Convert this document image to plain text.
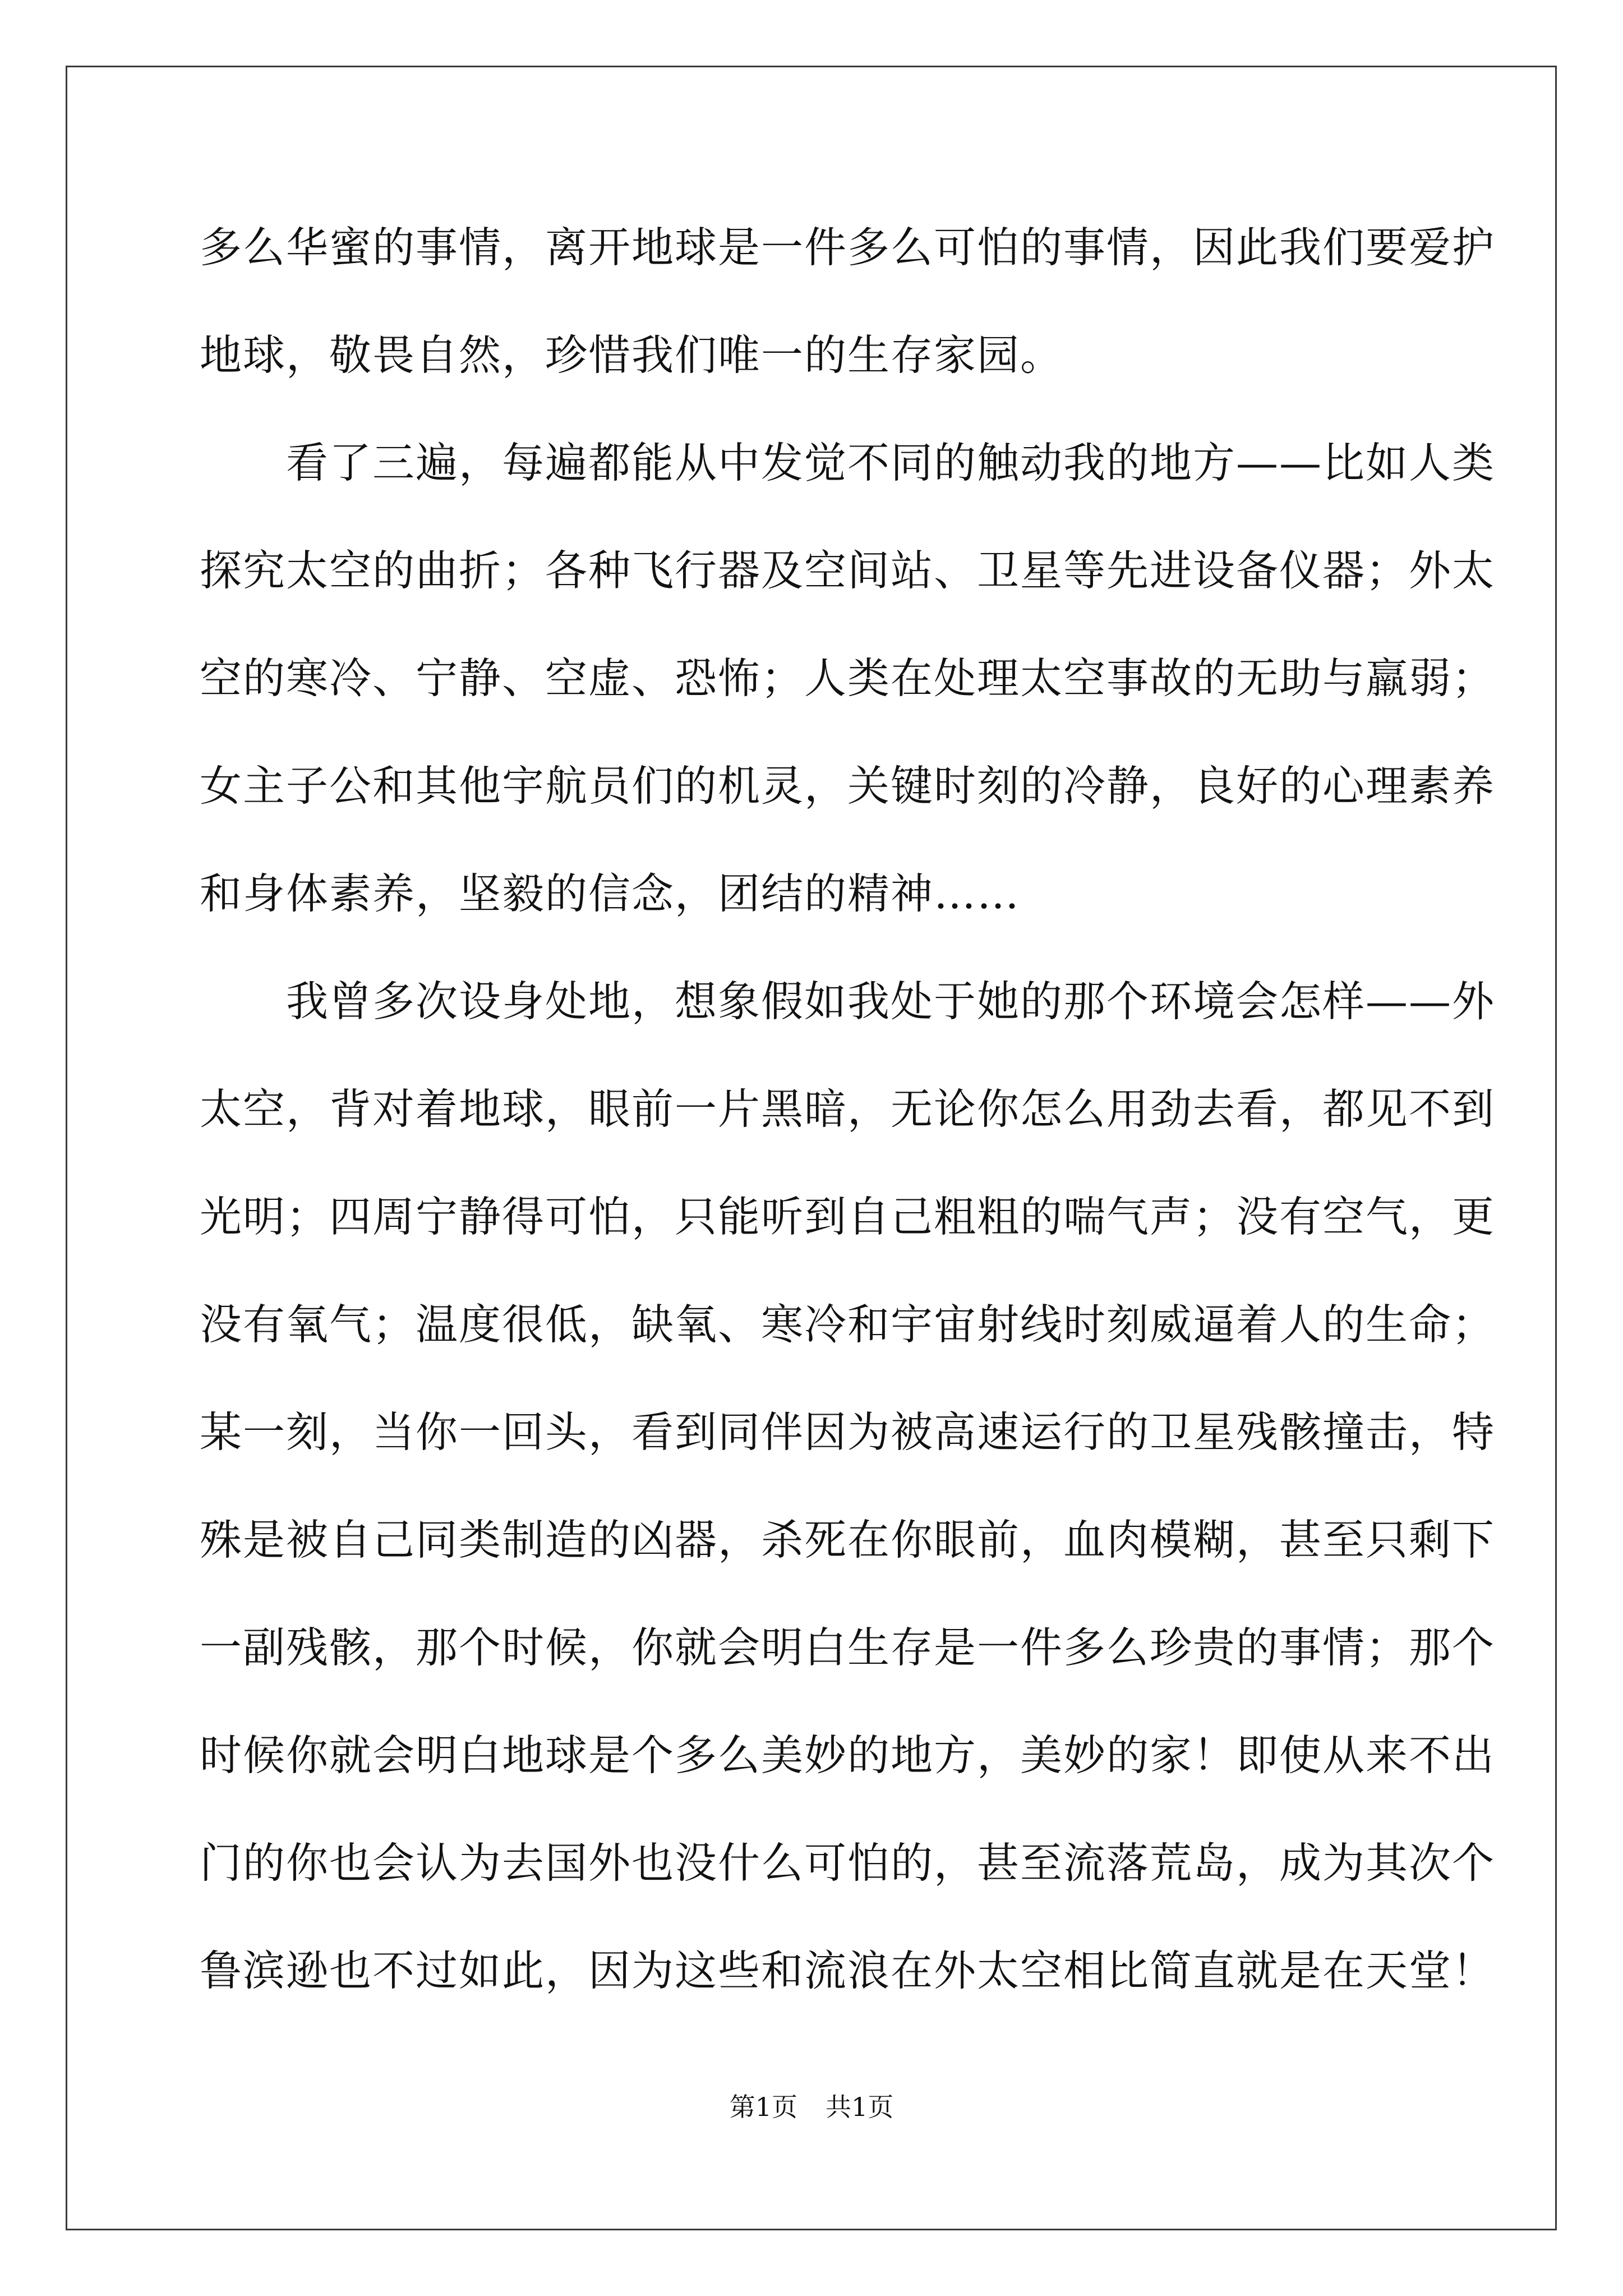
多么华蜜的事情，离开地球是一件多么可怕的事情，因此我们要爱护
地球，敬畏自然，珍惜我们唯一的生存家园。
　　看了三遍，每遍都能从中发觉不同的触动我的地方——比如人类
探究太空的曲折；各种飞行器及空间站、卫星等先进设备仪器；外太
空的寒冷、宁静、空虚、恐怖；人类在处理太空事故的无助与羸弱；
女主子公和其他宇航员们的机灵，关键时刻的冷静，良好的心理素养
和身体素养，坚毅的信念，团结的精神……
　　我曾多次设身处地，想象假如我处于她的那个环境会怎样——外
太空，背对着地球，眼前一片黑暗，无论你怎么用劲去看，都见不到
光明；四周宁静得可怕，只能听到自己粗粗的喘气声；没有空气，更
没有氧气；温度很低，缺氧、寒冷和宇宙射线时刻威逼着人的生命；
某一刻，当你一回头，看到同伴因为被高速运行的卫星残骸撞击，特
殊是被自己同类制造的凶器，杀死在你眼前，血肉模糊，甚至只剩下
一副残骸，那个时候，你就会明白生存是一件多么珍贵的事情；那个
时候你就会明白地球是个多么美妙的地方，美妙的家！即使从来不出
门的你也会认为去国外也没什么可怕的，甚至流落荒岛，成为其次个
鲁滨逊也不过如此，因为这些和流浪在外太空相比简直就是在天堂！
第1页 共1页
